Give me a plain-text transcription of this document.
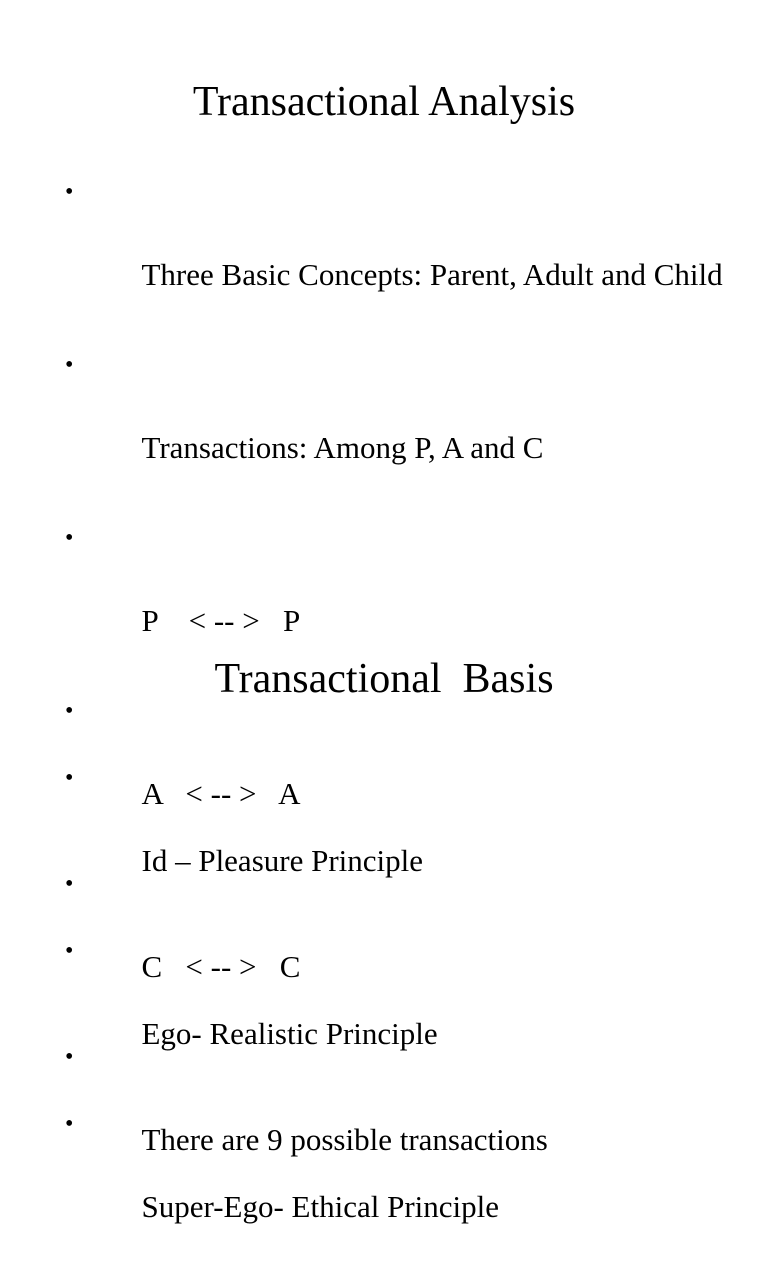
Transactional Analysis

•

Three Basic Concepts: Parent, Adult and Child

•

Transactions: Among P, A and C

•

P    < -- >   P

•

A   < -- >   A

•

C   < -- >   C

•

There are 9 possible transactions

Transactional  Basis

•

Id – Pleasure Principle

•

Ego- Realistic Principle

•

Super-Ego- Ethical Principle
